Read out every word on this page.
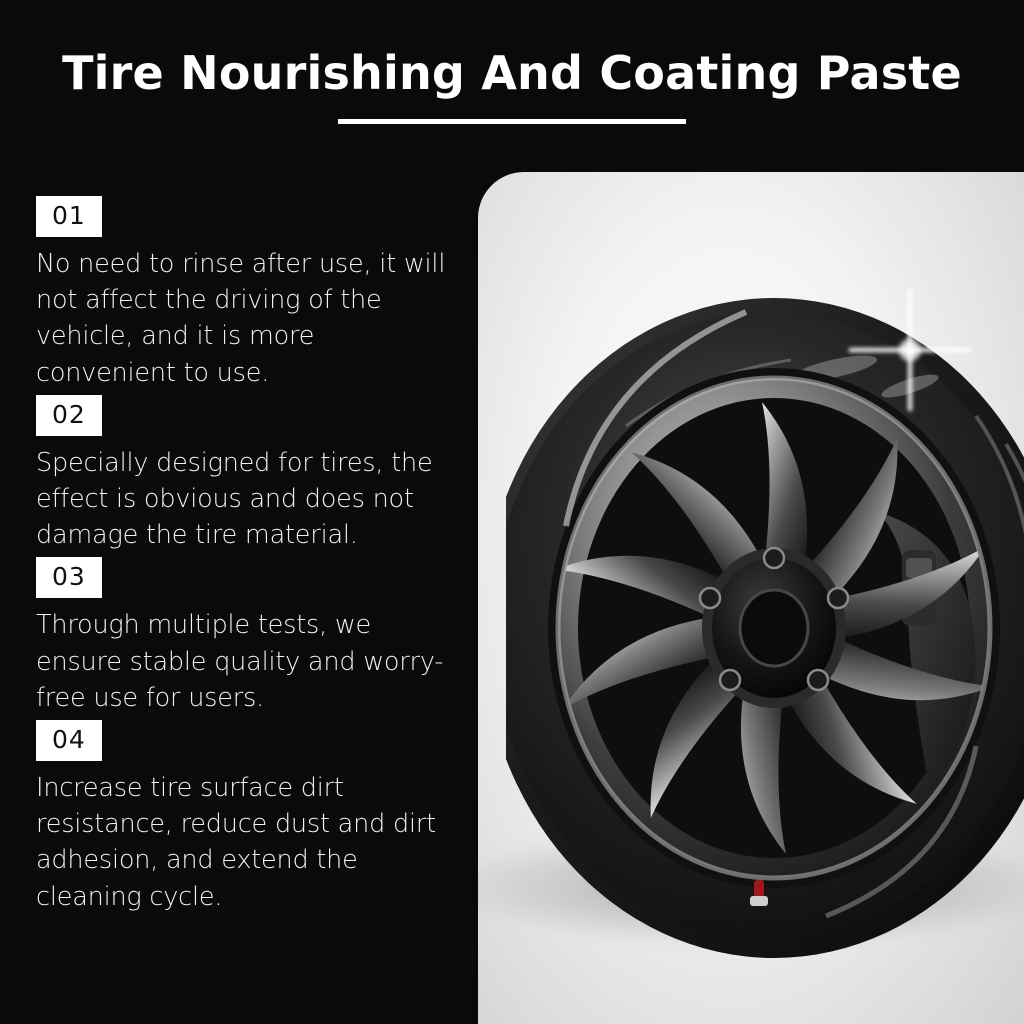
Tire Nourishing And Coating Paste
01
No need to rinse after use, it will not affect the driving of the vehicle, and it is more convenient to use.
02
Specially designed for tires, the effect is obvious and does not damage the tire material.
03
Through multiple tests, we ensure stable quality and worry-free use for users.
04
Increase tire surface dirt resistance, reduce dust and dirt adhesion, and extend the cleaning cycle.
